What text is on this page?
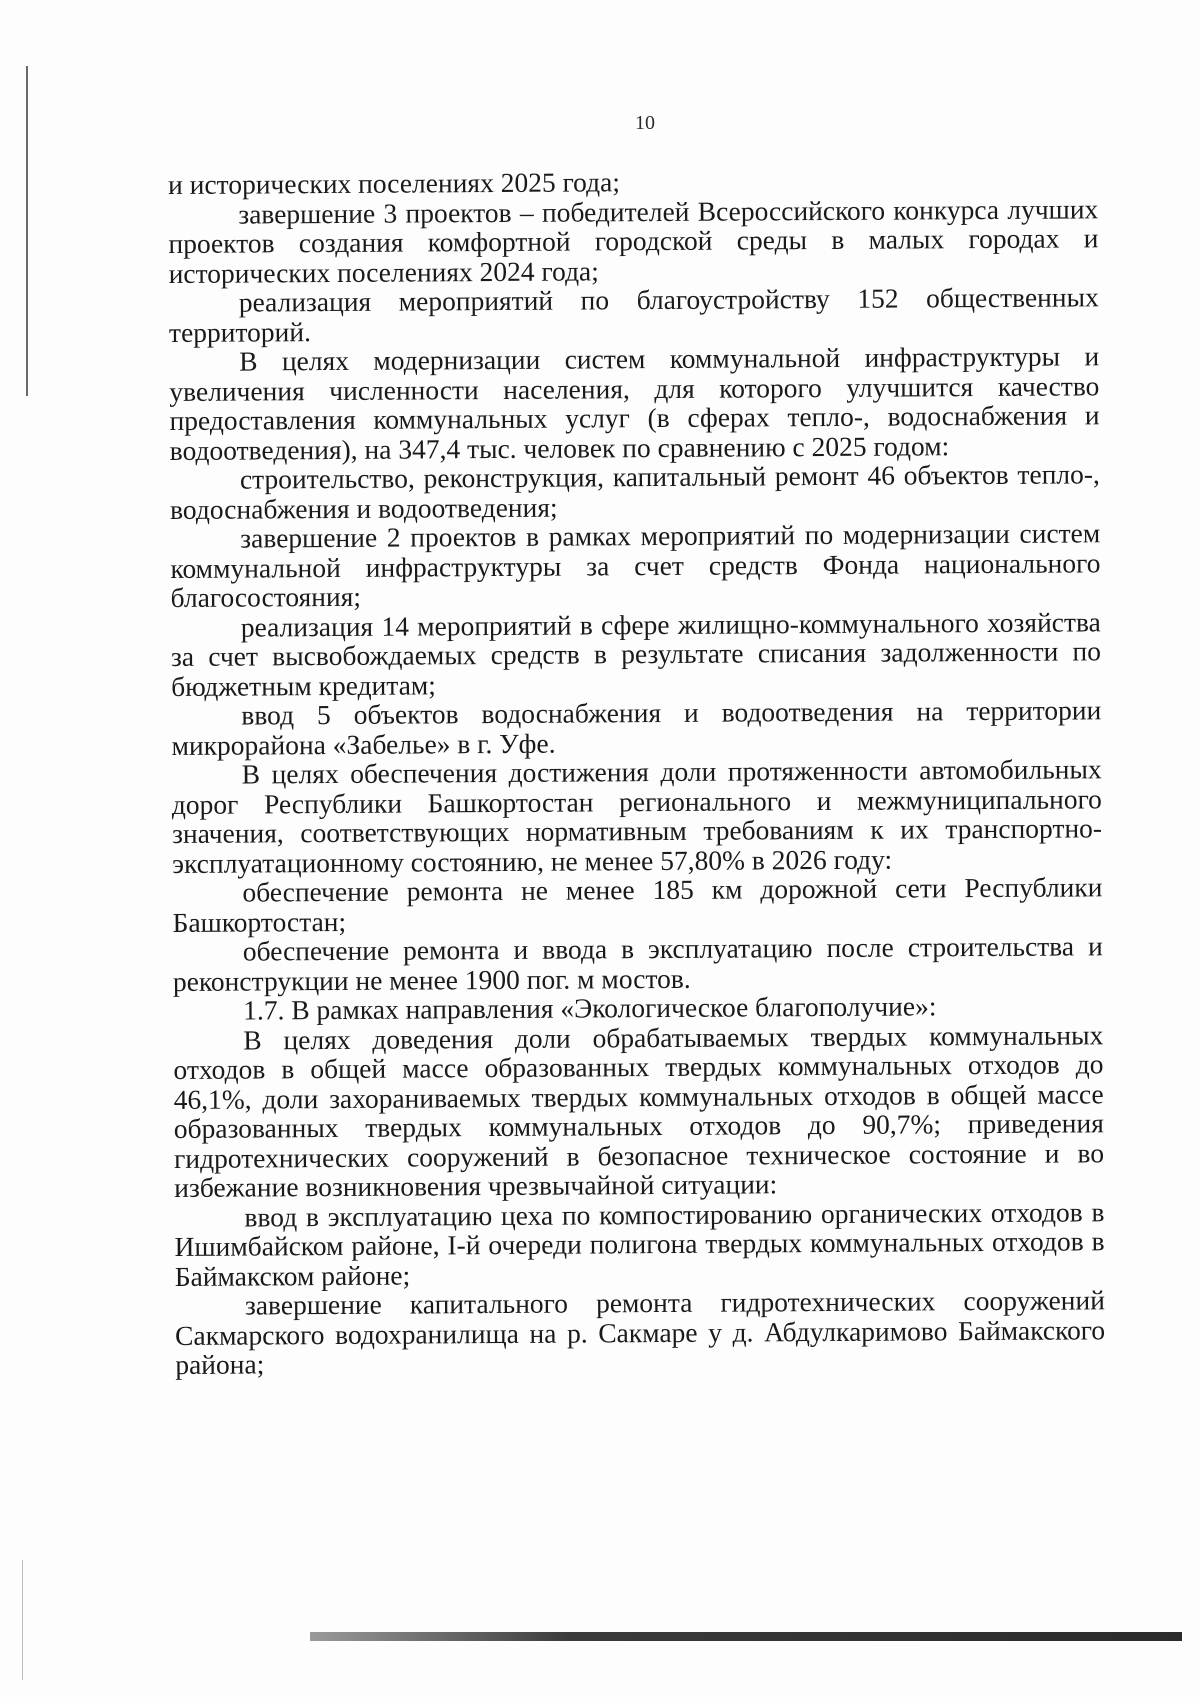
10

и исторических поселениях 2025 года;

завершение 3 проектов – победителей Всероссийского конкурса лучших проектов создания комфортной городской среды в малых городах и исторических поселениях 2024 года;

реализация мероприятий по благоустройству 152 общественных территорий.

В целях модернизации систем коммунальной инфраструктуры и увеличения численности населения, для которого улучшится качество предоставления коммунальных услуг (в сферах тепло-, водоснабжения и водоотведения), на 347,4 тыс. человек по сравнению с 2025 годом:

строительство, реконструкция, капитальный ремонт 46 объектов тепло-, водоснабжения и водоотведения;

завершение 2 проектов в рамках мероприятий по модернизации систем коммунальной инфраструктуры за счет средств Фонда национального благосостояния;

реализация 14 мероприятий в сфере жилищно-коммунального хозяйства за счет высвобождаемых средств в результате списания задолженности по бюджетным кредитам;

ввод 5 объектов водоснабжения и водоотведения на территории микрорайона «Забелье» в г. Уфе.

В целях обеспечения достижения доли протяженности автомобильных дорог Республики Башкортостан регионального и межмуниципального значения, соответствующих нормативным требованиям к их транспортно-эксплуатационному состоянию, не менее 57,80% в 2026 году:

обеспечение ремонта не менее 185 км дорожной сети Республики Башкортостан;

обеспечение ремонта и ввода в эксплуатацию после строительства и реконструкции не менее 1900 пог. м мостов.

1.7. В рамках направления «Экологическое благополучие»:

В целях доведения доли обрабатываемых твердых коммунальных отходов в общей массе образованных твердых коммунальных отходов до 46,1%, доли захораниваемых твердых коммунальных отходов в общей массе образованных твердых коммунальных отходов до 90,7%; приведения гидротехнических сооружений в безопасное техническое состояние и во избежание возникновения чрезвычайной ситуации:

ввод в эксплуатацию цеха по компостированию органических отходов в Ишимбайском районе, I-й очереди полигона твердых коммунальных отходов в Баймакском районе;

завершение капитального ремонта гидротехнических сооружений Сакмарского водохранилища на р. Сакмаре у д. Абдулкаримово Баймакского района;
